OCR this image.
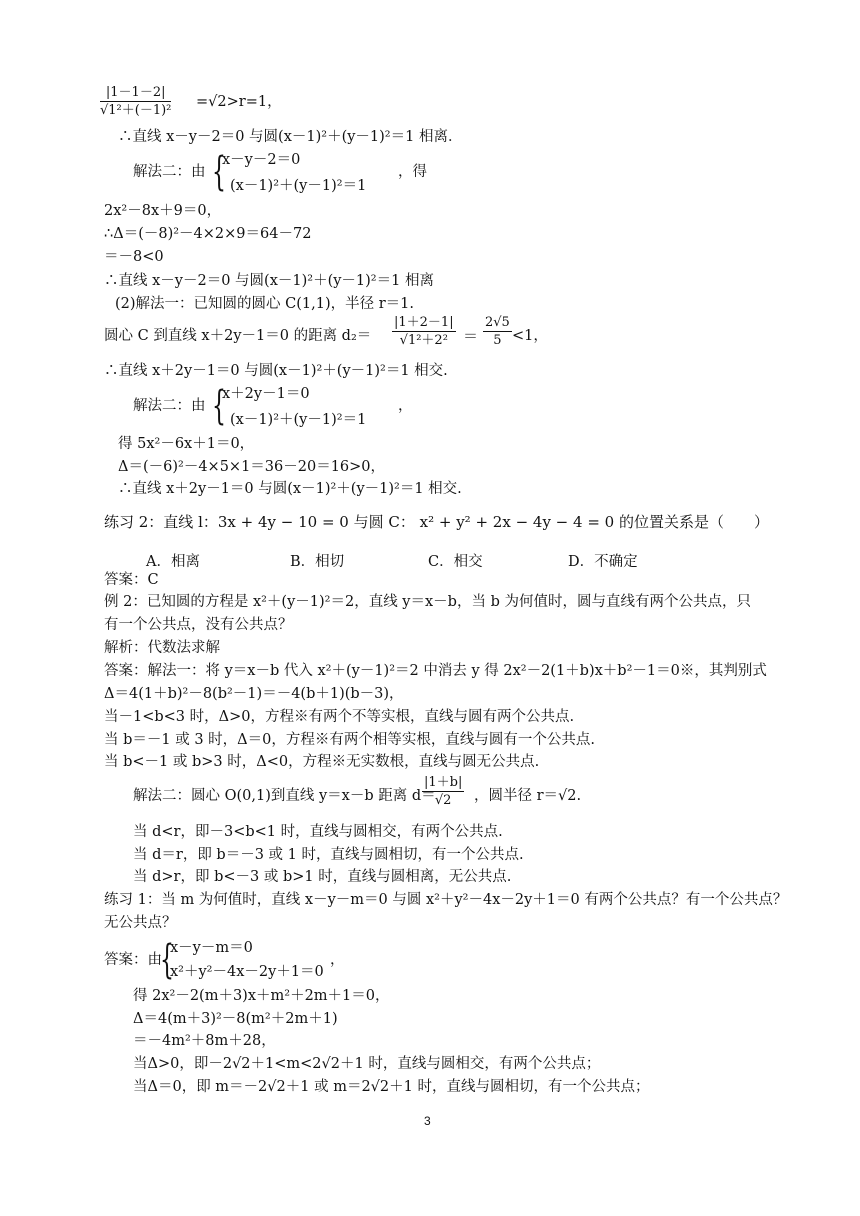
$\frac{|1-1-2|}{\text{√1²＋(－1)²}} =√2>r=1$，
∴直线 x－y－2＝0 与圆(x－1)²＋(y－1)²＝1 相离．
解法二：由 {
x－y－2＝0
(x－1)²＋(y－1)²＝1
，得
2x²－8x＋9＝0，
∴Δ＝(－8)²－4×2×9＝64－72
＝－8<0
∴直线 x－y－2＝0 与圆(x－1)²＋(y－1)²＝1 相离
(2)解法一：已知圆的圆心 C(1,1)，半径 r＝1.
圆心 C 到直线 x＋2y－1＝0 的距离 $d_2= \frac{|1+2-1|}{\text{√1²＋2²}} = \frac{2√5}{5} <1$，
∴直线 x＋2y－1＝0 与圆(x－1)²＋(y－1)²＝1 相交.
解法二：由 {
x＋2y－1＝0
(x－1)²＋(y－1)²＝1
，
得 5x²－6x＋1＝0，
Δ＝(－6)²－4×5×1＝36－20＝16>0，
∴直线 x＋2y－1＝0 与圆(x－1)²＋(y－1)²＝1 相交.
练习 2：直线 l：3x + 4y − 10 = 0 与圆 C： x² + y² + 2x − 4y − 4 = 0 的位置关系是（　　）
A．相离	B．相切	C．相交	D．不确定
答案：C
例 2：已知圆的方程是 x²＋(y－1)²＝2，直线 y＝x－b，当 b 为何值时，圆与直线有两个公共点，只
有一个公共点，没有公共点？
解析：代数法求解
答案：解法一：将 y＝x－b 代入 x²＋(y－1)²＝2 中消去 y 得 2x²－2(1＋b)x＋b²－1＝0※，其判别式
Δ＝4(1＋b)²－8(b²－1)＝－4(b＋1)(b－3)，
当－1<b<3 时，Δ>0，方程※有两个不等实根，直线与圆有两个公共点.
当 b＝－1 或 3 时，Δ＝0，方程※有两个相等实根，直线与圆有一个公共点.
当 b<－1 或 b>3 时，Δ<0，方程※无实数根，直线与圆无公共点.
解法二：圆心 O(0,1)到直线 y＝x－b 距离 d＝
$\frac{|1+b|}{√2}$ ，圆半径 r＝√2.
当 d<r，即－3<b<1 时，直线与圆相交，有两个公共点.
当 d＝r，即 b＝－3 或 1 时，直线与圆相切，有一个公共点.
当 d>r，即 b<－3 或 b>1 时，直线与圆相离，无公共点.
练习 1：当 m 为何值时，直线 x－y－m＝0 与圆 x²＋y²－4x－2y＋1＝0 有两个公共点？有一个公共点？
无公共点？
答案：由
{
x－y－m＝0
x²＋y²－4x－2y＋1＝0
，
得 2x²－2(m＋3)x＋m²＋2m＋1＝0，
Δ＝4(m＋3)²－8(m²＋2m＋1)
＝－4m²＋8m＋28，
当Δ>0，即－2√2＋1<m<2√2＋1 时，直线与圆相交，有两个公共点；
当Δ＝0，即 m＝－2√2＋1 或 m＝2√2＋1 时，直线与圆相切，有一个公共点；
3
